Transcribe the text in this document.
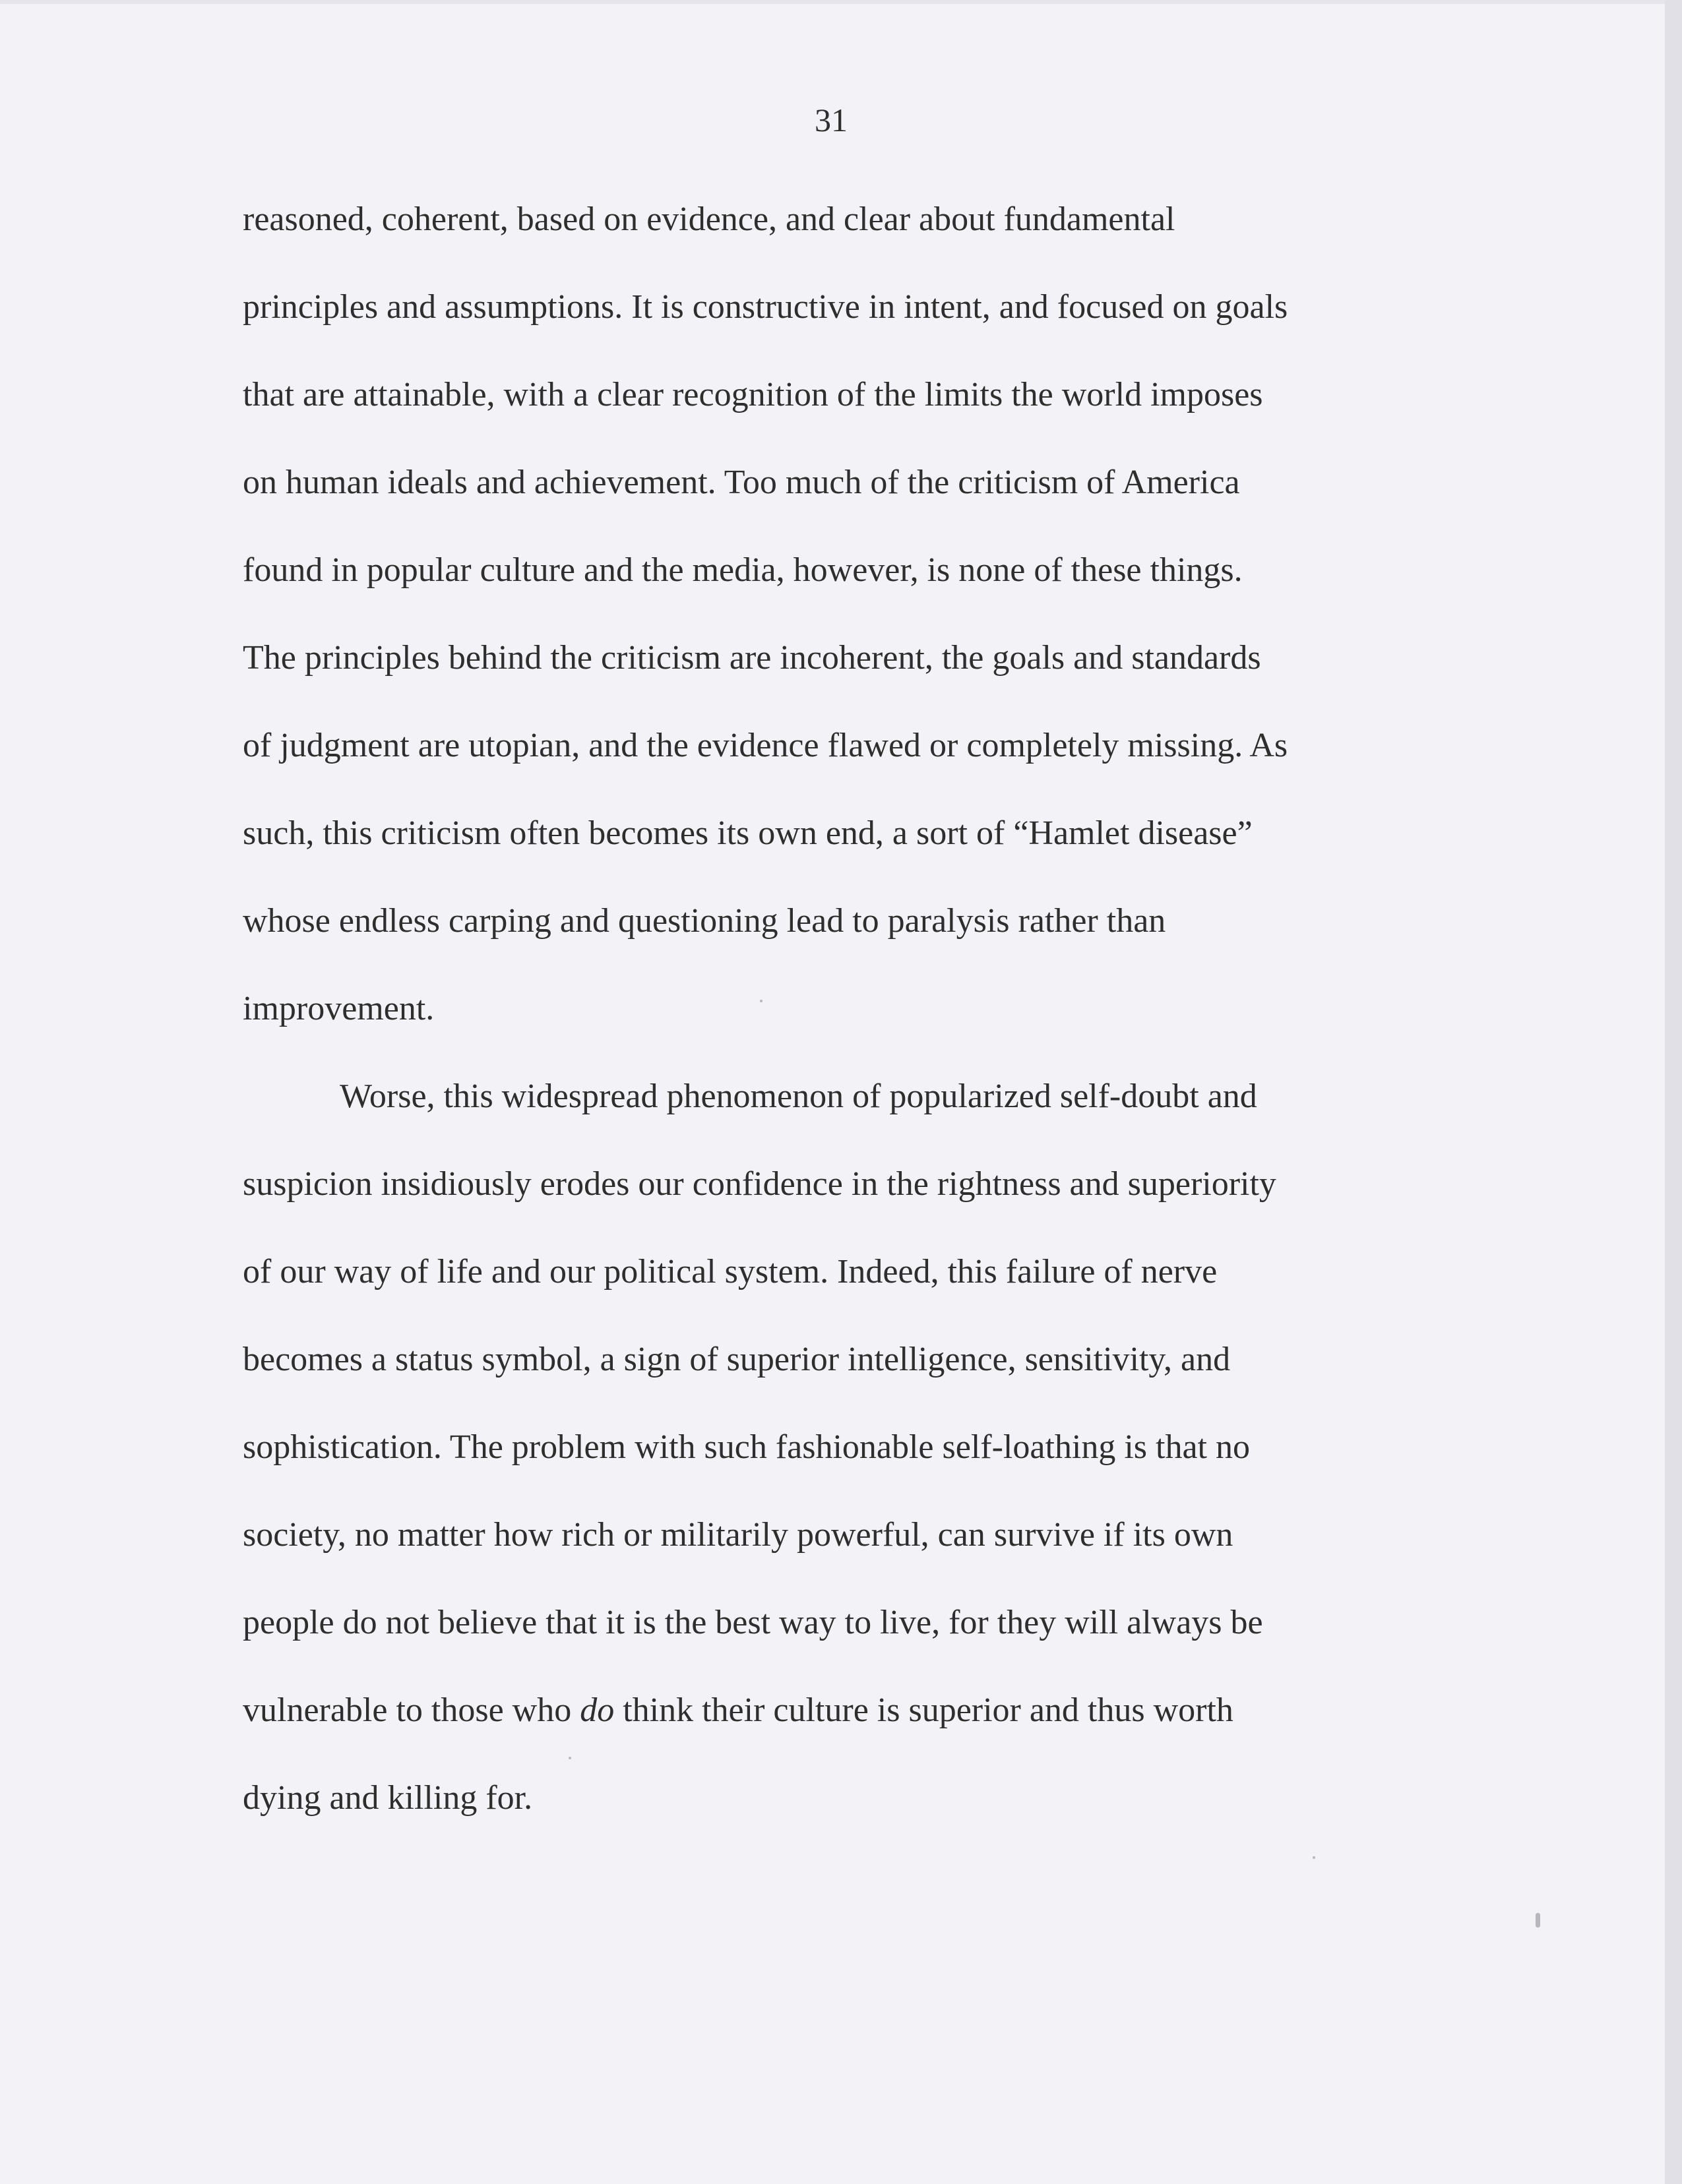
31
reasoned, coherent, based on evidence, and clear about fundamental
principles and assumptions. It is constructive in intent, and focused on goals
that are attainable, with a clear recognition of the limits the world imposes
on human ideals and achievement. Too much of the criticism of America
found in popular culture and the media, however, is none of these things.
The principles behind the criticism are incoherent, the goals and standards
of judgment are utopian, and the evidence flawed or completely missing. As
such, this criticism often becomes its own end, a sort of “Hamlet disease”
whose endless carping and questioning lead to paralysis rather than
improvement.
Worse, this widespread phenomenon of popularized self-doubt and
suspicion insidiously erodes our confidence in the rightness and superiority
of our way of life and our political system. Indeed, this failure of nerve
becomes a status symbol, a sign of superior intelligence, sensitivity, and
sophistication. The problem with such fashionable self-loathing is that no
society, no matter how rich or militarily powerful, can survive if its own
people do not believe that it is the best way to live, for they will always be
vulnerable to those who do think their culture is superior and thus worth
dying and killing for.
